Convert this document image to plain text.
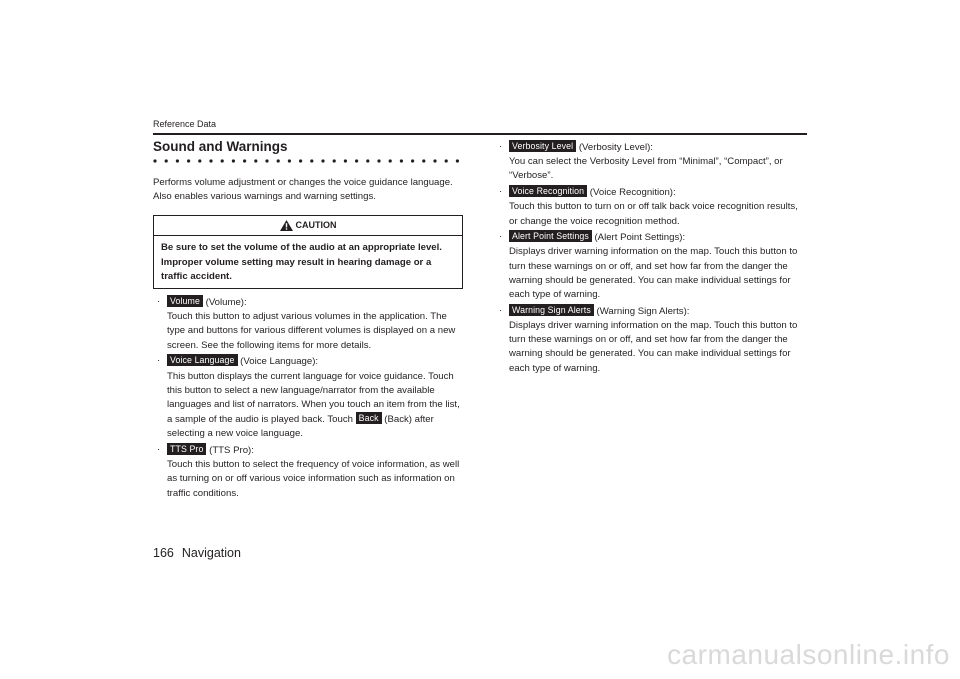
Reference Data
Sound and Warnings
Performs volume adjustment or changes the voice guidance language. Also enables various warnings and warning settings.
CAUTION
Be sure to set the volume of the audio at an appropriate level. Improper volume setting may result in hearing damage or a traffic accident.
· Volume (Volume):
Touch this button to adjust various volumes in the application. The type and buttons for various different volumes is displayed on a new screen. See the following items for more details.
· Voice Language (Voice Language):
This button displays the current language for voice guidance. Touch this button to select a new language/narrator from the available languages and list of narrators. When you touch an item from the list, a sample of the audio is played back. Touch Back (Back) after selecting a new voice language.
· TTS Pro (TTS Pro):
Touch this button to select the frequency of voice information, as well as turning on or off various voice information such as information on traffic conditions.
· Verbosity Level (Verbosity Level):
You can select the Verbosity Level from “Minimal”, “Compact”, or “Verbose”.
· Voice Recognition (Voice Recognition):
Touch this button to turn on or off talk back voice recognition results, or change the voice recognition method.
· Alert Point Settings (Alert Point Settings):
Displays driver warning information on the map. Touch this button to turn these warnings on or off, and set how far from the danger the warning should be generated. You can make individual settings for each type of warning.
· Warning Sign Alerts (Warning Sign Alerts):
Displays driver warning information on the map. Touch this button to turn these warnings on or off, and set how far from the danger the warning should be generated. You can make individual settings for each type of warning.
166 Navigation
carmanualsonline.info
